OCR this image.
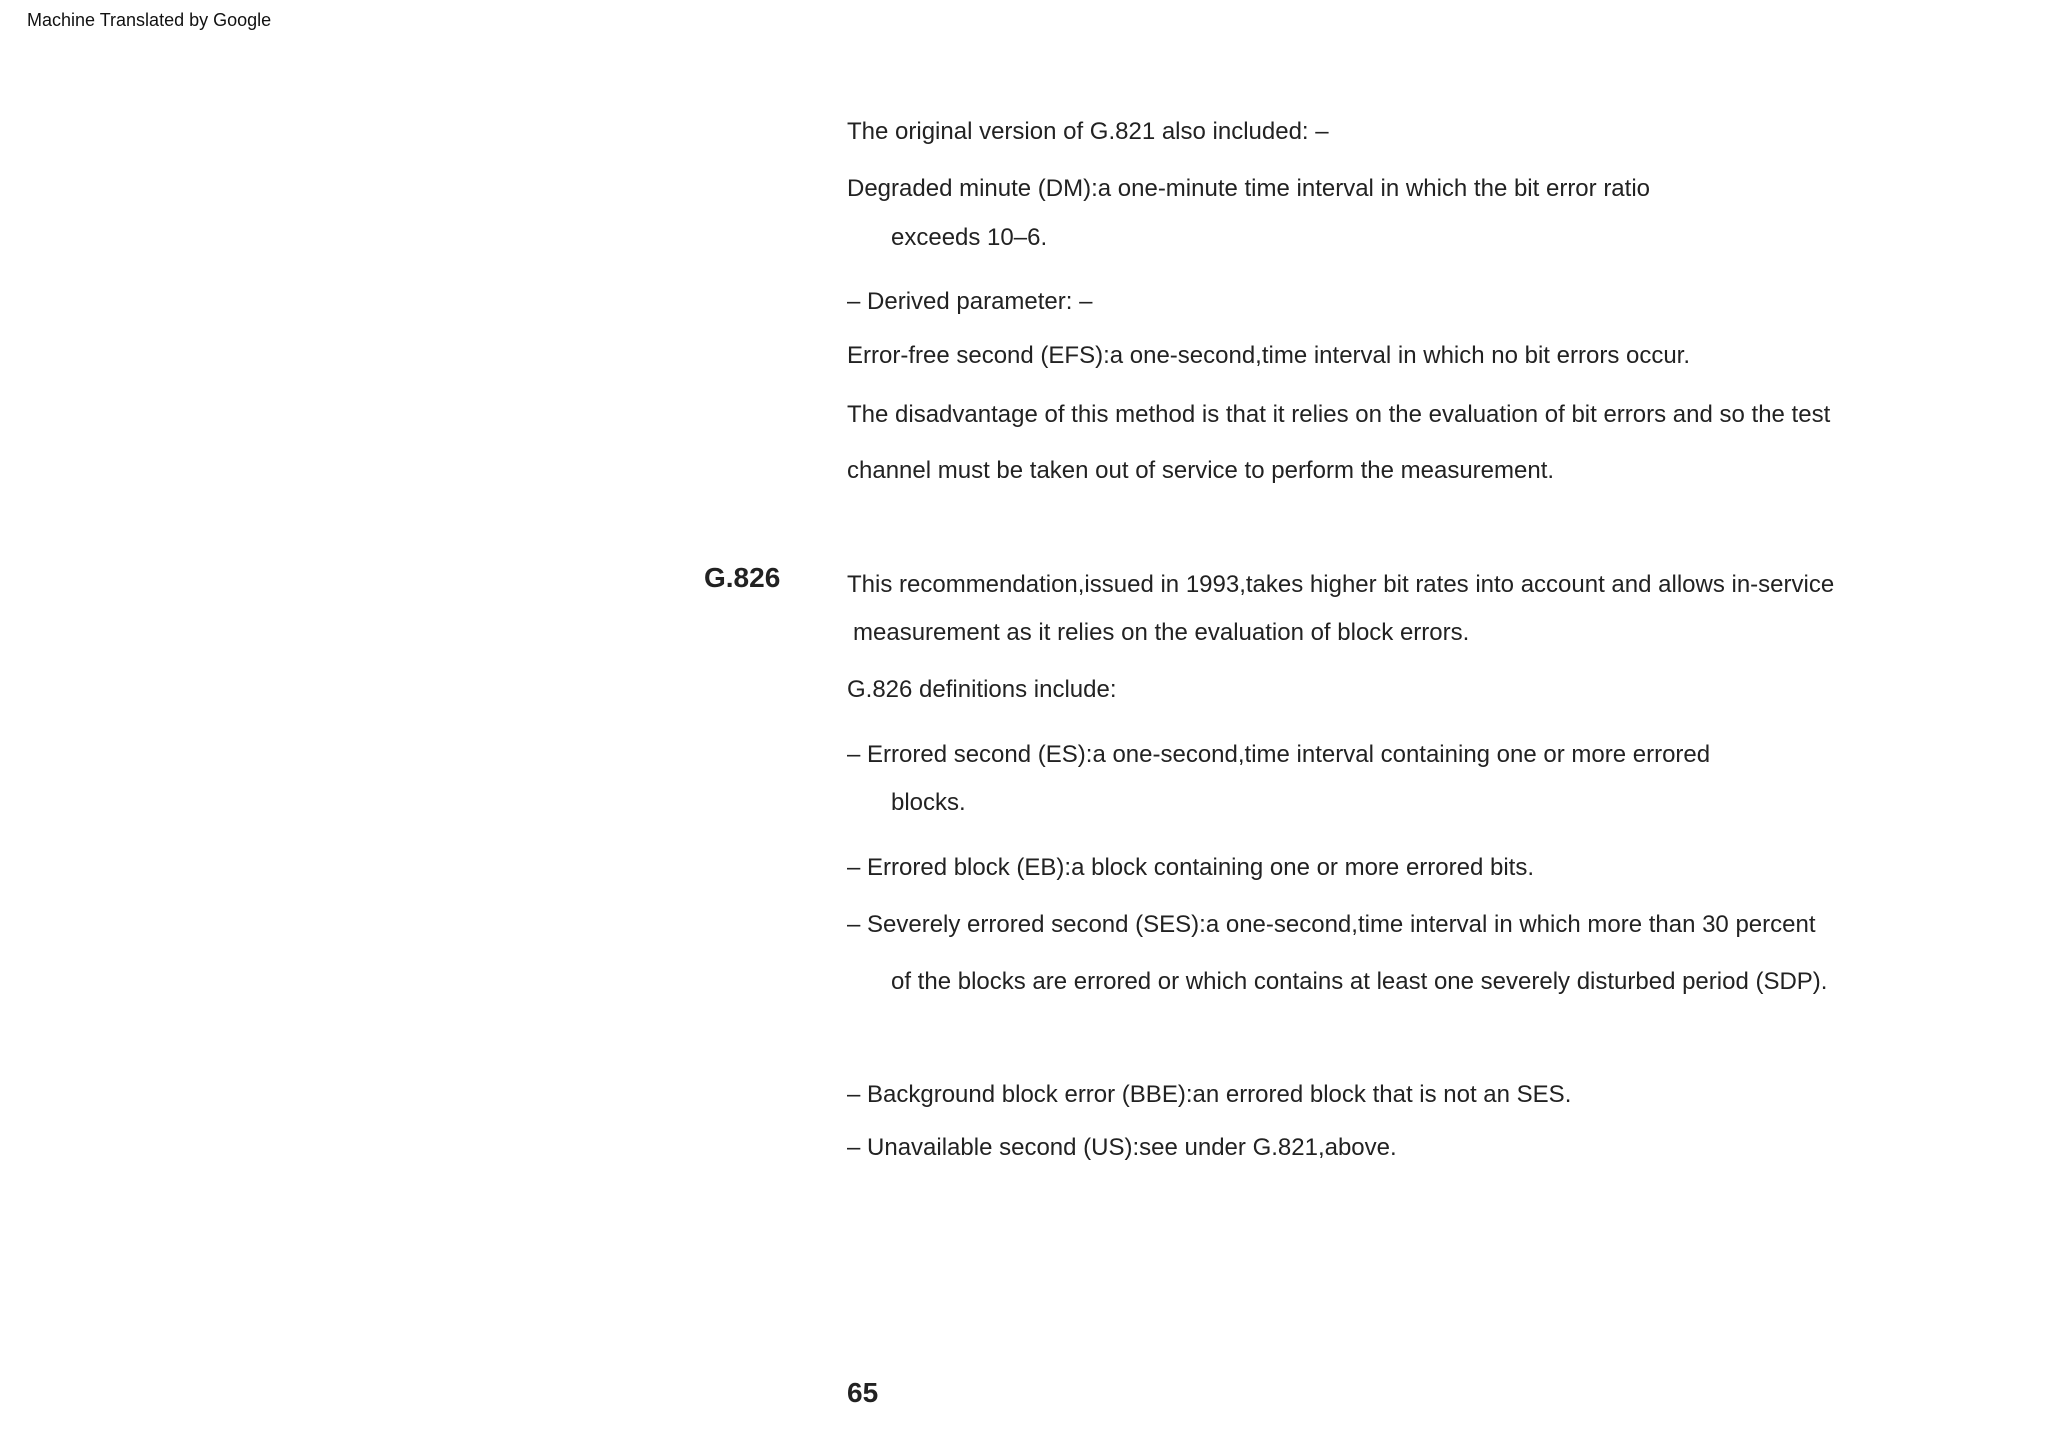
Machine Translated by Google
The original version of G.821 also included: –
Degraded minute (DM):a one-minute time interval in which the bit error ratio
exceeds 10–6.
– Derived parameter: –
Error-free second (EFS):a one-second,time interval in which no bit errors occur.
The disadvantage of this method is that it relies on the evaluation of bit errors and so the test
channel must be taken out of service to perform the measurement.
G.826	This recommendation,issued in 1993,takes higher bit rates into account and allows in-service
measurement as it relies on the evaluation of block errors.
G.826 definitions include:
– Errored second (ES):a one-second,time interval containing one or more errored
blocks.
– Errored block (EB):a block containing one or more errored bits.
– Severely errored second (SES):a one-second,time interval in which more than 30 percent
of the blocks are errored or which contains at least one severely disturbed period (SDP).
– Background block error (BBE):an errored block that is not an SES.
– Unavailable second (US):see under G.821,above.
65
